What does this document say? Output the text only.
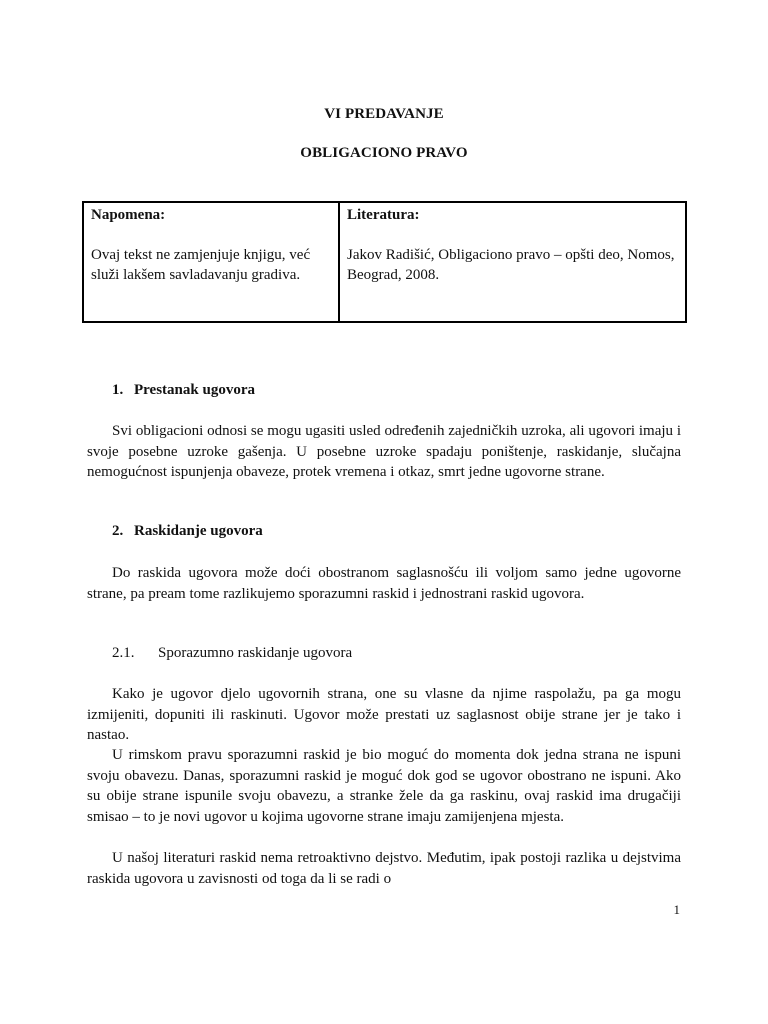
VI PREDAVANJE
OBLIGACIONO PRAVO
Napomena:

Ovaj tekst ne zamjenjuje knjigu, već služi lakšem savladavanju gradiva.

Literatura:

Jakov Radišić, Obligaciono pravo – opšti deo, Nomos, Beograd, 2008.

1. Prestanak ugovora

Svi obligacioni odnosi se mogu ugasiti usled određenih zajedničkih uzroka, ali ugovori imaju i svoje posebne uzroke gašenja. U posebne uzroke spadaju poništenje, raskidanje, slučajna nemogućnost ispunjenja obaveze, protek vremena i otkaz, smrt jedne ugovorne strane.

2. Raskidanje ugovora

Do raskida ugovora može doći obostranom saglasnošću ili voljom samo jedne ugovorne strane, pa pream tome razlikujemo sporazumni raskid i jednostrani raskid ugovora.

2.1. Sporazumno raskidanje ugovora

Kako je ugovor djelo ugovornih strana, one su vlasne da njime raspolažu, pa ga mogu izmijeniti, dopuniti ili raskinuti. Ugovor može prestati uz saglasnost obije strane jer je tako i nastao.

U rimskom pravu sporazumni raskid je bio moguć do momenta dok jedna strana ne ispuni svoju obavezu. Danas, sporazumni raskid je moguć dok god se ugovor obostrano ne ispuni. Ako su obije strane ispunile svoju obavezu, a stranke žele da ga raskinu, ovaj raskid ima drugačiji smisao – to je novi ugovor u kojima ugovorne strane imaju zamijenjena mjesta.

U našoj literaturi raskid nema retroaktivno dejstvo. Međutim, ipak postoji razlika u dejstvima raskida ugovora u zavisnosti od toga da li se radi o

1
